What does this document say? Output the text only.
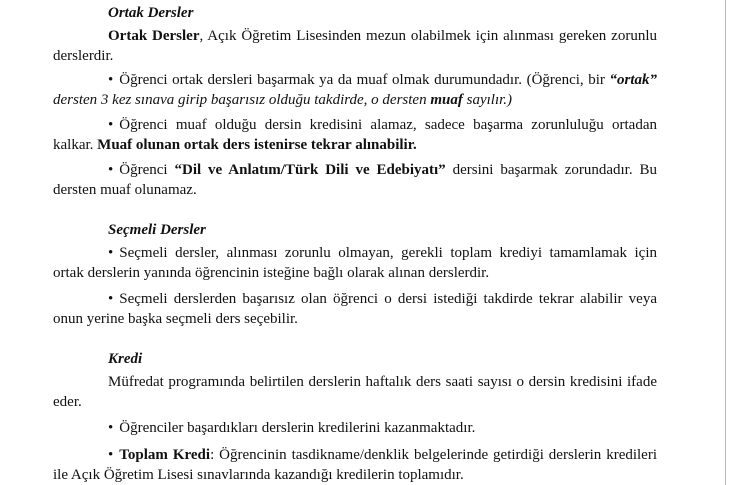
Ortak Dersler

Ortak Dersler, Açık Öğretim Lisesinden mezun olabilmek için alınması gereken zorunlu derslerdir.

• Öğrenci ortak dersleri başarmak ya da muaf olmak durumundadır. (Öğrenci, bir “ortak” dersten 3 kez sınava girip başarısız olduğu takdirde, o dersten muaf sayılır.)

• Öğrenci muaf olduğu dersin kredisini alamaz, sadece başarma zorunluluğu ortadan kalkar. Muaf olunan ortak ders istenirse tekrar alınabilir.

• Öğrenci “Dil ve Anlatım/Türk Dili ve Edebiyatı” dersini başarmak zorundadır. Bu dersten muaf olunamaz.

Seçmeli Dersler

• Seçmeli dersler, alınması zorunlu olmayan, gerekli toplam krediyi tamamlamak için ortak derslerin yanında öğrencinin isteğine bağlı olarak alınan derslerdir.

• Seçmeli derslerden başarısız olan öğrenci o dersi istediği takdirde tekrar alabilir veya onun yerine başka seçmeli ders seçebilir.

Kredi

Müfredat programında belirtilen derslerin haftalık ders saati sayısı o dersin kredisini ifade eder.

• Öğrenciler başardıkları derslerin kredilerini kazanmaktadır.

• Toplam Kredi: Öğrencinin tasdikname/denklik belgelerinde getirdiği derslerin kredileri ile Açık Öğretim Lisesi sınavlarında kazandığı kredilerin toplamıdır.
